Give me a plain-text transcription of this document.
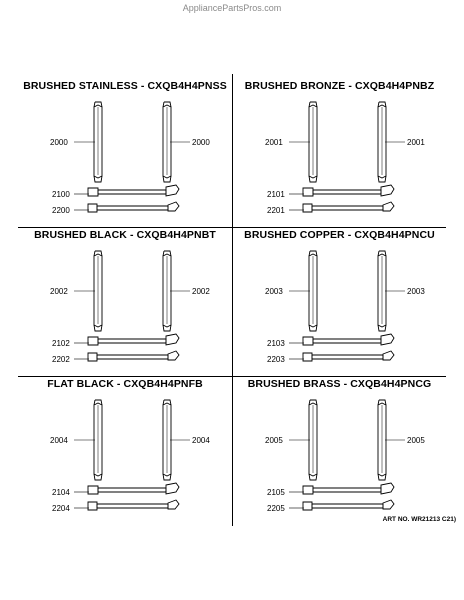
AppliancePartsPros.com
BRUSHED STAINLESS - CXQB4H4PNSS
2000	2000
2100
2200
BRUSHED BRONZE - CXQB4H4PNBZ
2001	2001
2101
2201
BRUSHED BLACK - CXQB4H4PNBT
2002	2002
2102
2202
BRUSHED COPPER - CXQB4H4PNCU
2003	2003
2103
2203
FLAT BLACK - CXQB4H4PNFB
2004	2004
2104
2204
BRUSHED BRASS - CXQB4H4PNCG
2005	2005
2105
2205
ART NO. WR21213 C21)
